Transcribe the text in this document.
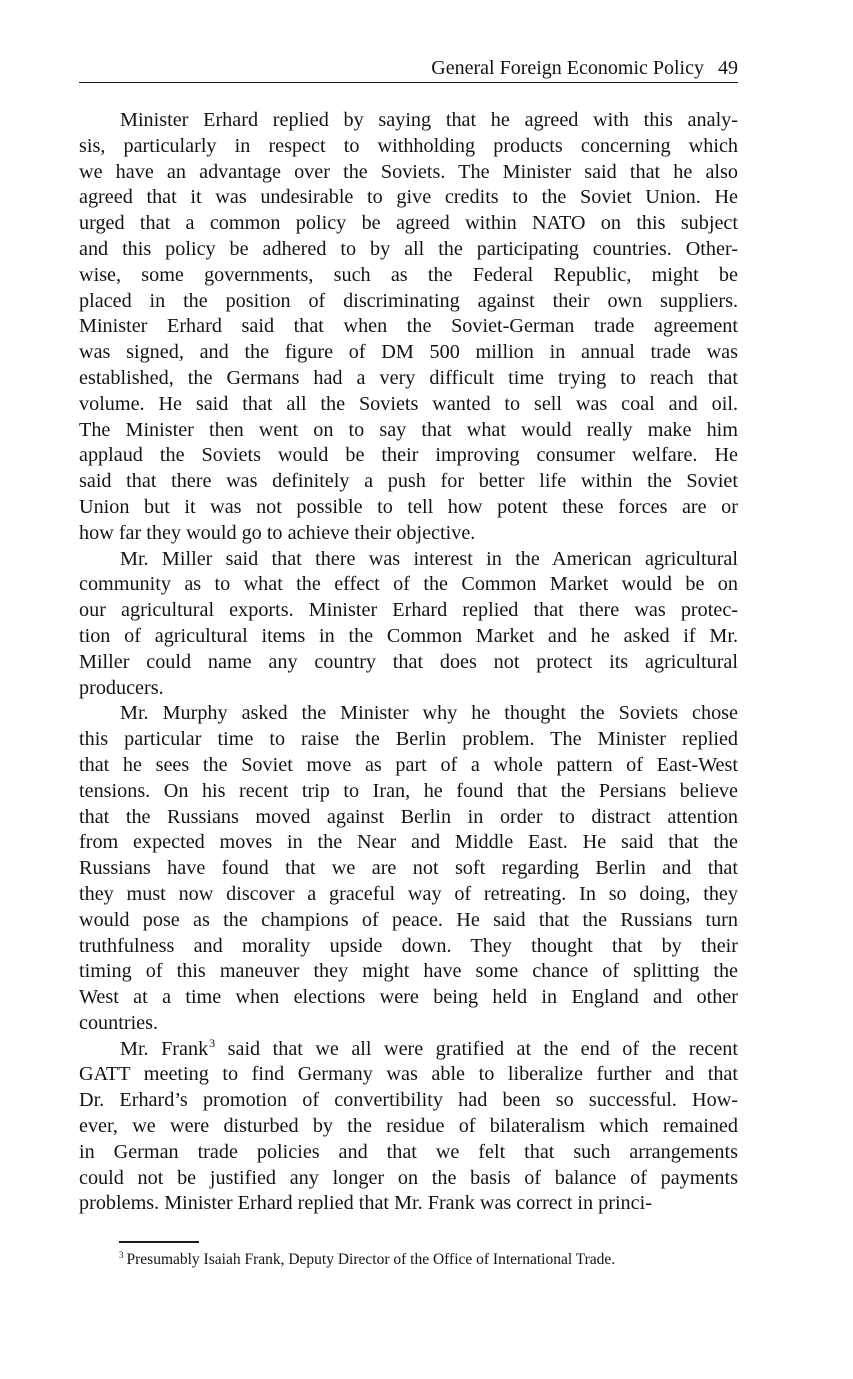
General Foreign Economic Policy 49

Minister Erhard replied by saying that he agreed with this analy-
sis, particularly in respect to withholding products concerning which
we have an advantage over the Soviets. The Minister said that he also
agreed that it was undesirable to give credits to the Soviet Union. He
urged that a common policy be agreed within NATO on this subject
and this policy be adhered to by all the participating countries. Other-
wise, some governments, such as the Federal Republic, might be
placed in the position of discriminating against their own suppliers.
Minister Erhard said that when the Soviet-German trade agreement
was signed, and the figure of DM 500 million in annual trade was
established, the Germans had a very difficult time trying to reach that
volume. He said that all the Soviets wanted to sell was coal and oil.
The Minister then went on to say that what would really make him
applaud the Soviets would be their improving consumer welfare. He
said that there was definitely a push for better life within the Soviet
Union but it was not possible to tell how potent these forces are or
how far they would go to achieve their objective.

Mr. Miller said that there was interest in the American agricultural
community as to what the effect of the Common Market would be on
our agricultural exports. Minister Erhard replied that there was protec-
tion of agricultural items in the Common Market and he asked if Mr.
Miller could name any country that does not protect its agricultural
producers.

Mr. Murphy asked the Minister why he thought the Soviets chose
this particular time to raise the Berlin problem. The Minister replied
that he sees the Soviet move as part of a whole pattern of East-West
tensions. On his recent trip to Iran, he found that the Persians believe
that the Russians moved against Berlin in order to distract attention
from expected moves in the Near and Middle East. He said that the
Russians have found that we are not soft regarding Berlin and that
they must now discover a graceful way of retreating. In so doing, they
would pose as the champions of peace. He said that the Russians turn
truthfulness and morality upside down. They thought that by their
timing of this maneuver they might have some chance of splitting the
West at a time when elections were being held in England and other
countries.

Mr. Frank$^3$ said that we all were gratified at the end of the recent
GATT meeting to find Germany was able to liberalize further and that
Dr. Erhard’s promotion of convertibility had been so successful. How-
ever, we were disturbed by the residue of bilateralism which remained
in German trade policies and that we felt that such arrangements
could not be justified any longer on the basis of balance of payments
problems. Minister Erhard replied that Mr. Frank was correct in princi-

$^3$ Presumably Isaiah Frank, Deputy Director of the Office of International Trade.
